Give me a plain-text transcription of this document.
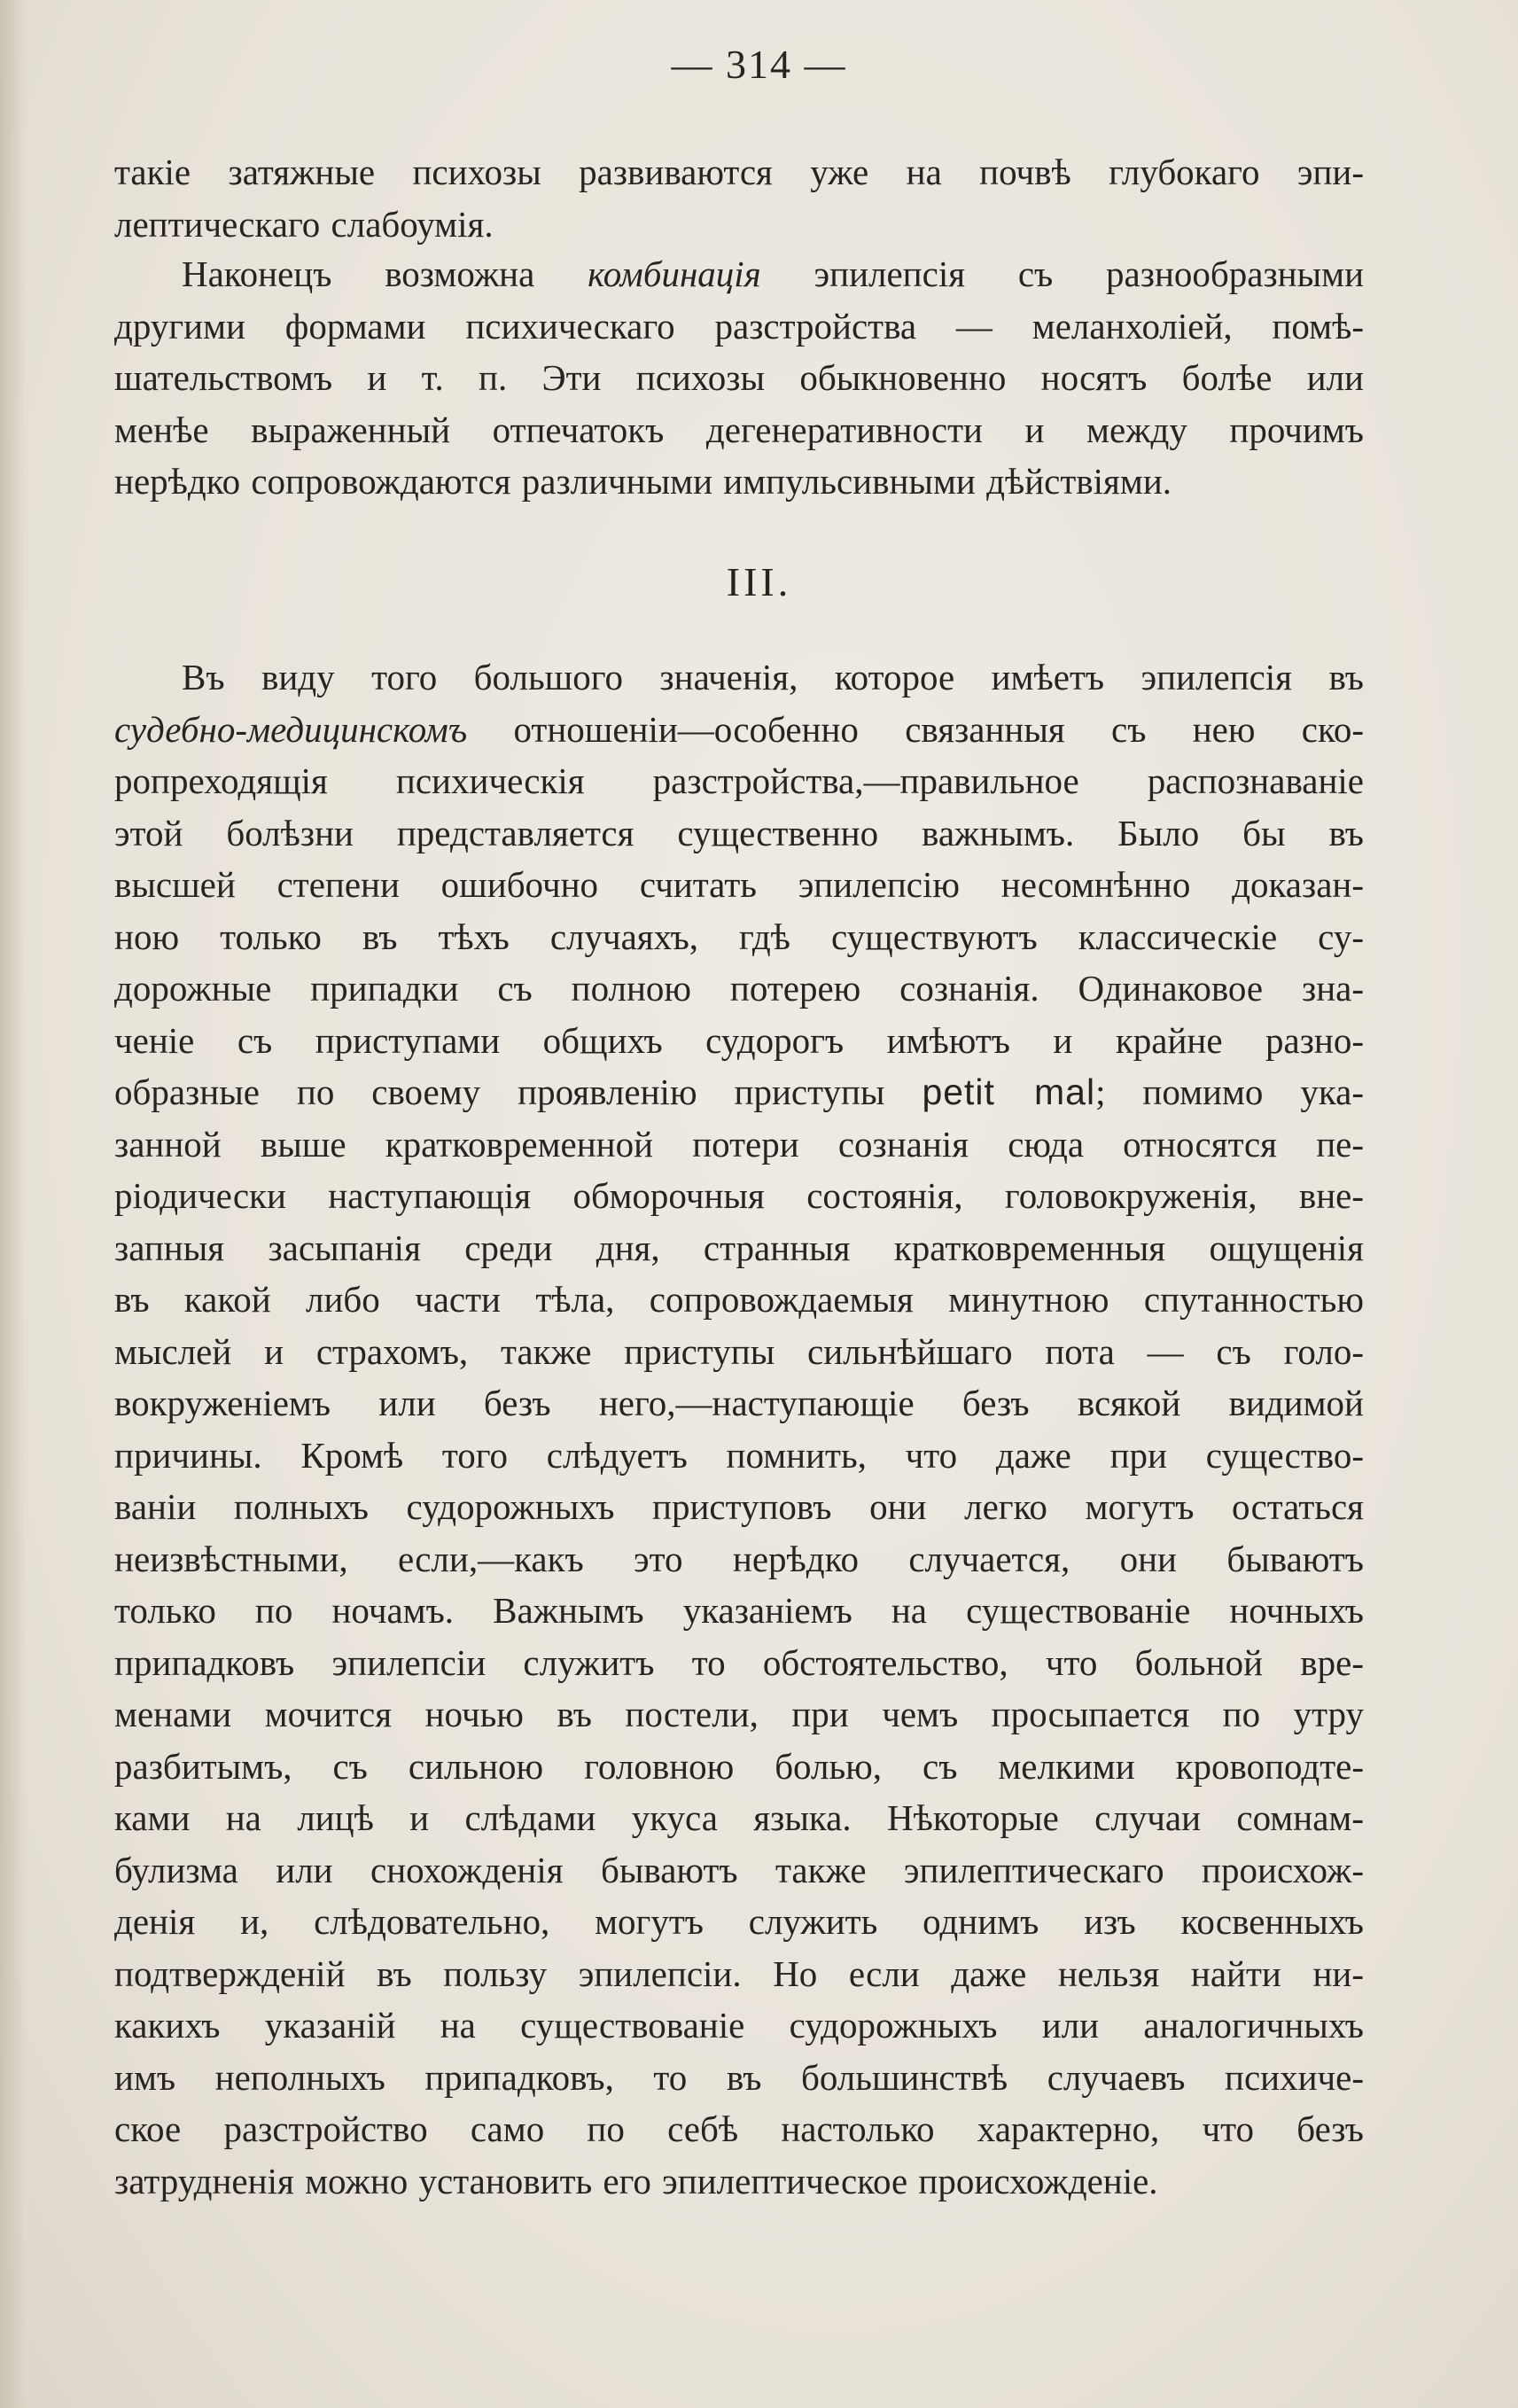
— 314 —
такіе затяжные психозы развиваются уже на почвѣ глубокаго эпи-
лептическаго слабоумія.
Наконецъ возможна комбинація эпилепсія съ разнообразными
другими формами психическаго разстройства — меланхоліей, помѣ-
шательствомъ и т. п. Эти психозы обыкновенно носятъ болѣе или
менѣе выраженный отпечатокъ дегенеративности и между прочимъ
нерѣдко сопровождаются различными импульсивными дѣйствіями.
III.
Въ виду того большого значенія, которое имѣетъ эпилепсія въ
судебно-медицинскомъ отношеніи—особенно связанныя съ нею ско-
ропреходящія психическія разстройства,—правильное распознаваніе
этой болѣзни представляется существенно важнымъ. Было бы въ
высшей степени ошибочно считать эпилепсію несомнѣнно доказан-
ною только въ тѣхъ случаяхъ, гдѣ существуютъ классическіе су-
дорожные припадки съ полною потерею сознанія. Одинаковое зна-
ченіе съ приступами общихъ судорогъ имѣютъ и крайне разно-
образные по своему проявленію приступы petit mal; помимо ука-
занной выше кратковременной потери сознанія сюда относятся пе-
ріодически наступающія обморочныя состоянія, головокруженія, вне-
запныя засыпанія среди дня, странныя кратковременныя ощущенія
въ какой либо части тѣла, сопровождаемыя минутною спутанностью
мыслей и страхомъ, также приступы сильнѣйшаго пота — съ голо-
вокруженіемъ или безъ него,—наступающіе безъ всякой видимой
причины. Кромѣ того слѣдуетъ помнить, что даже при существо-
ваніи полныхъ судорожныхъ приступовъ они легко могутъ остаться
неизвѣстными, если,—какъ это нерѣдко случается, они бываютъ
только по ночамъ. Важнымъ указаніемъ на существованіе ночныхъ
припадковъ эпилепсіи служитъ то обстоятельство, что больной вре-
менами мочится ночью въ постели, при чемъ просыпается по утру
разбитымъ, съ сильною головною болью, съ мелкими кровоподте-
ками на лицѣ и слѣдами укуса языка. Нѣкоторые случаи сомнам-
булизма или снохожденія бываютъ также эпилептическаго происхож-
денія и, слѣдовательно, могутъ служить однимъ изъ косвенныхъ
подтвержденій въ пользу эпилепсіи. Но если даже нельзя найти ни-
какихъ указаній на существованіе судорожныхъ или аналогичныхъ
имъ неполныхъ припадковъ, то въ большинствѣ случаевъ психиче-
ское разстройство само по себѣ настолько характерно, что безъ
затрудненія можно установить его эпилептическое происхожденіе.
